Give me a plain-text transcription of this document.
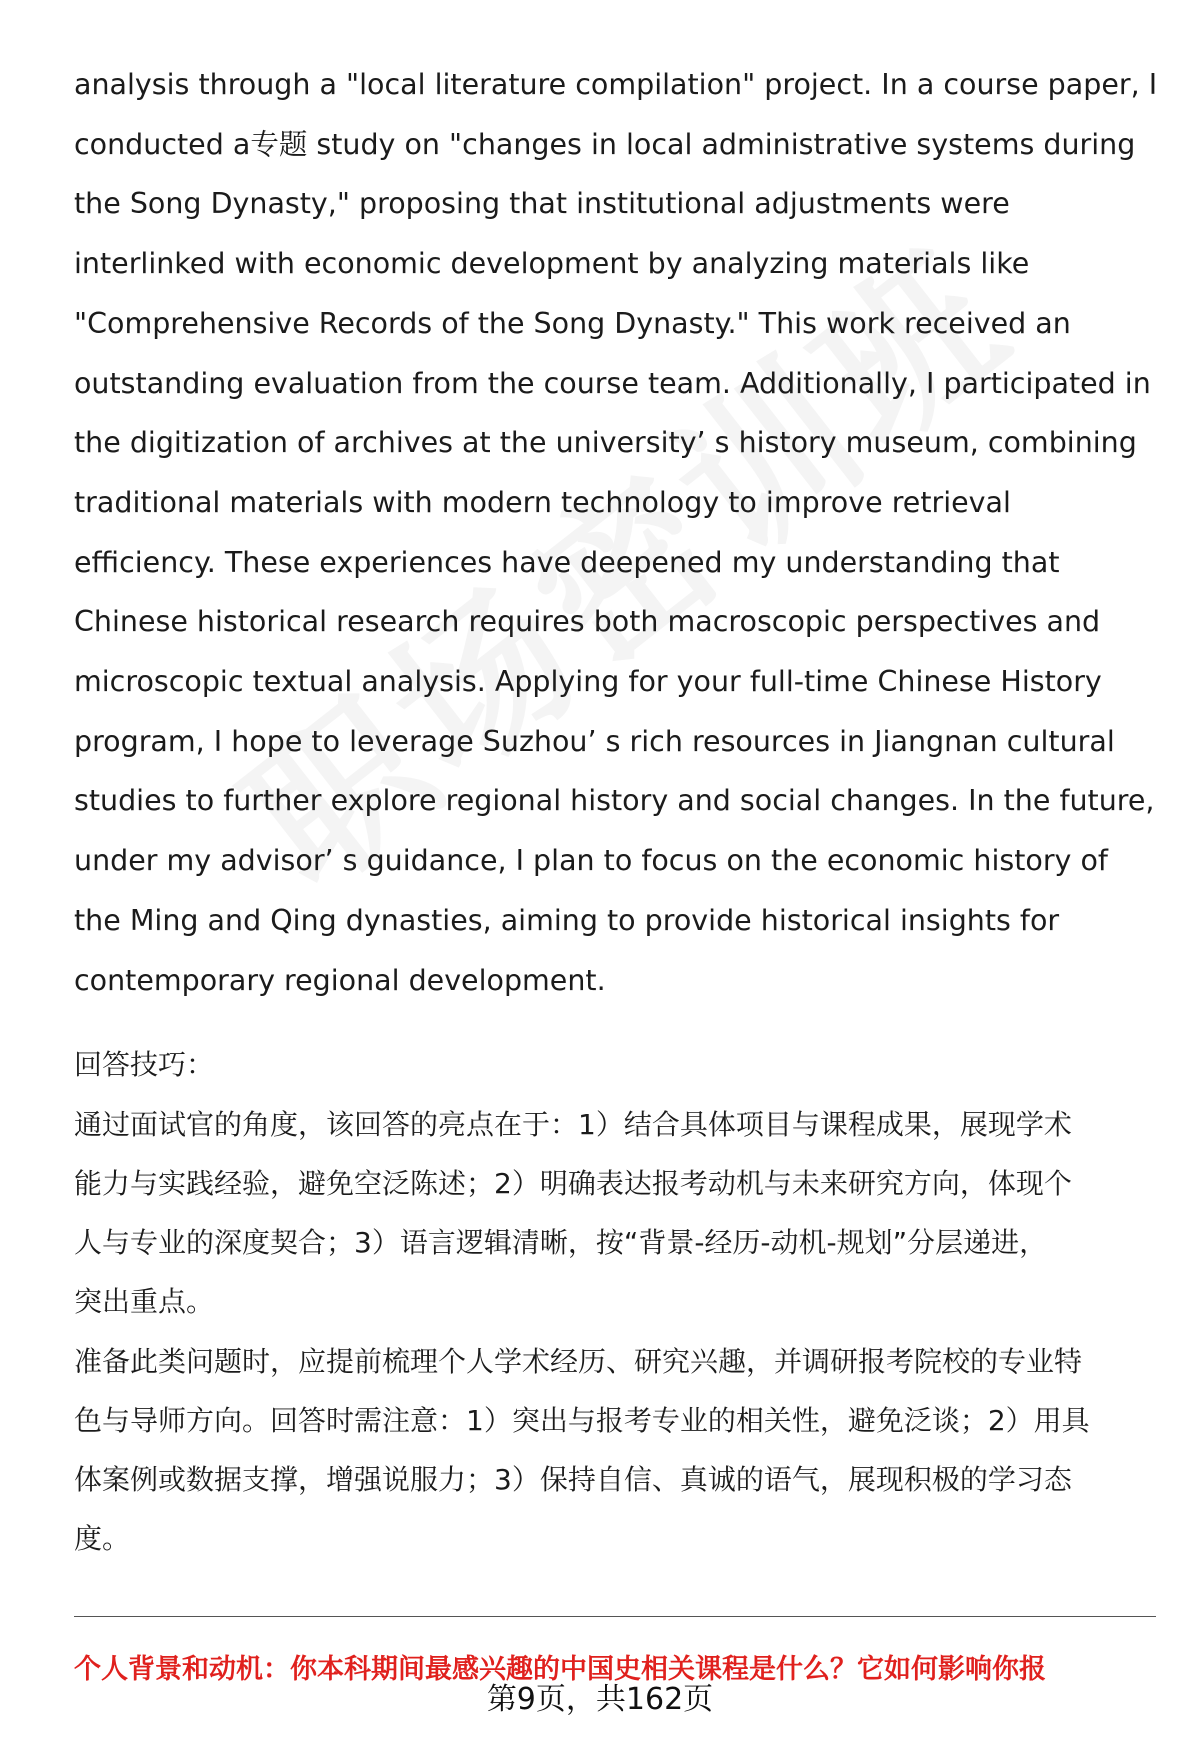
analysis through a "local literature compilation" project. In a course paper, I
conducted a专题 study on "changes in local administrative systems during
the Song Dynasty," proposing that institutional adjustments were
interlinked with economic development by analyzing materials like
"Comprehensive Records of the Song Dynasty." This work received an
outstanding evaluation from the course team. Additionally, I participated in
the digitization of archives at the university’ s history museum, combining
traditional materials with modern technology to improve retrieval
efficiency. These experiences have deepened my understanding that
Chinese historical research requires both macroscopic perspectives and
microscopic textual analysis. Applying for your full-time Chinese History
program, I hope to leverage Suzhou’ s rich resources in Jiangnan cultural
studies to further explore regional history and social changes. In the future,
under my advisor’ s guidance, I plan to focus on the economic history of
the Ming and Qing dynasties, aiming to provide historical insights for
contemporary regional development.

回答技巧：

通过面试官的角度，该回答的亮点在于：1）结合具体项目与课程成果，展现学术
能力与实践经验，避免空泛陈述；2）明确表达报考动机与未来研究方向，体现个
人与专业的深度契合；3）语言逻辑清晰，按“背景-经历-动机-规划”分层递进，
突出重点。
准备此类问题时，应提前梳理个人学术经历、研究兴趣，并调研报考院校的专业特
色与导师方向。回答时需注意：1）突出与报考专业的相关性，避免泛谈；2）用具
体案例或数据支撑，增强说服力；3）保持自信、真诚的语气，展现积极的学习态
度。

个人背景和动机：你本科期间最感兴趣的中国史相关课程是什么？它如何影响你报

第9页，共162页
